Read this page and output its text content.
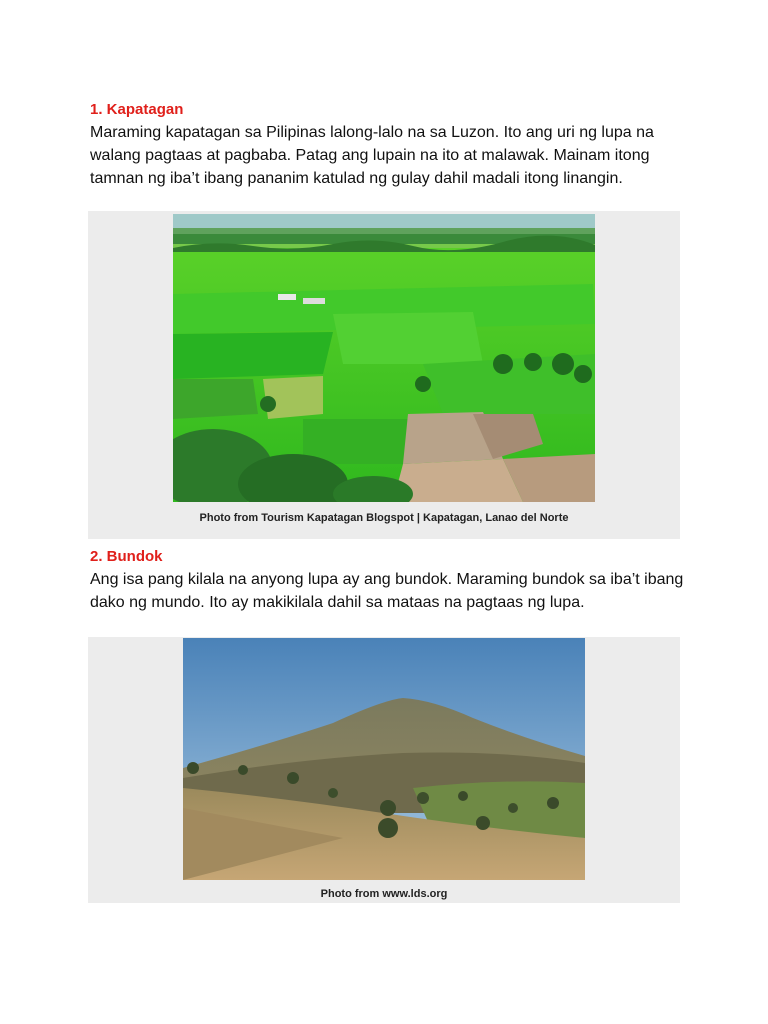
1. Kapatagan

Maraming kapatagan sa Pilipinas lalong-lalo na sa Luzon. Ito ang uri ng lupa na walang pagtaas at pagbaba. Patag ang lupain na ito at malawak. Mainam itong tamnan ng iba’t ibang pananim katulad ng gulay dahil madali itong linangin.

Photo from Tourism Kapatagan Blogspot | Kapatagan, Lanao del Norte
2. Bundok

Ang isa pang kilala na anyong lupa ay ang bundok. Maraming bundok sa iba’t ibang dako ng mundo. Ito ay makikilala dahil sa mataas na pagtaas ng lupa.

Photo from www.lds.org
